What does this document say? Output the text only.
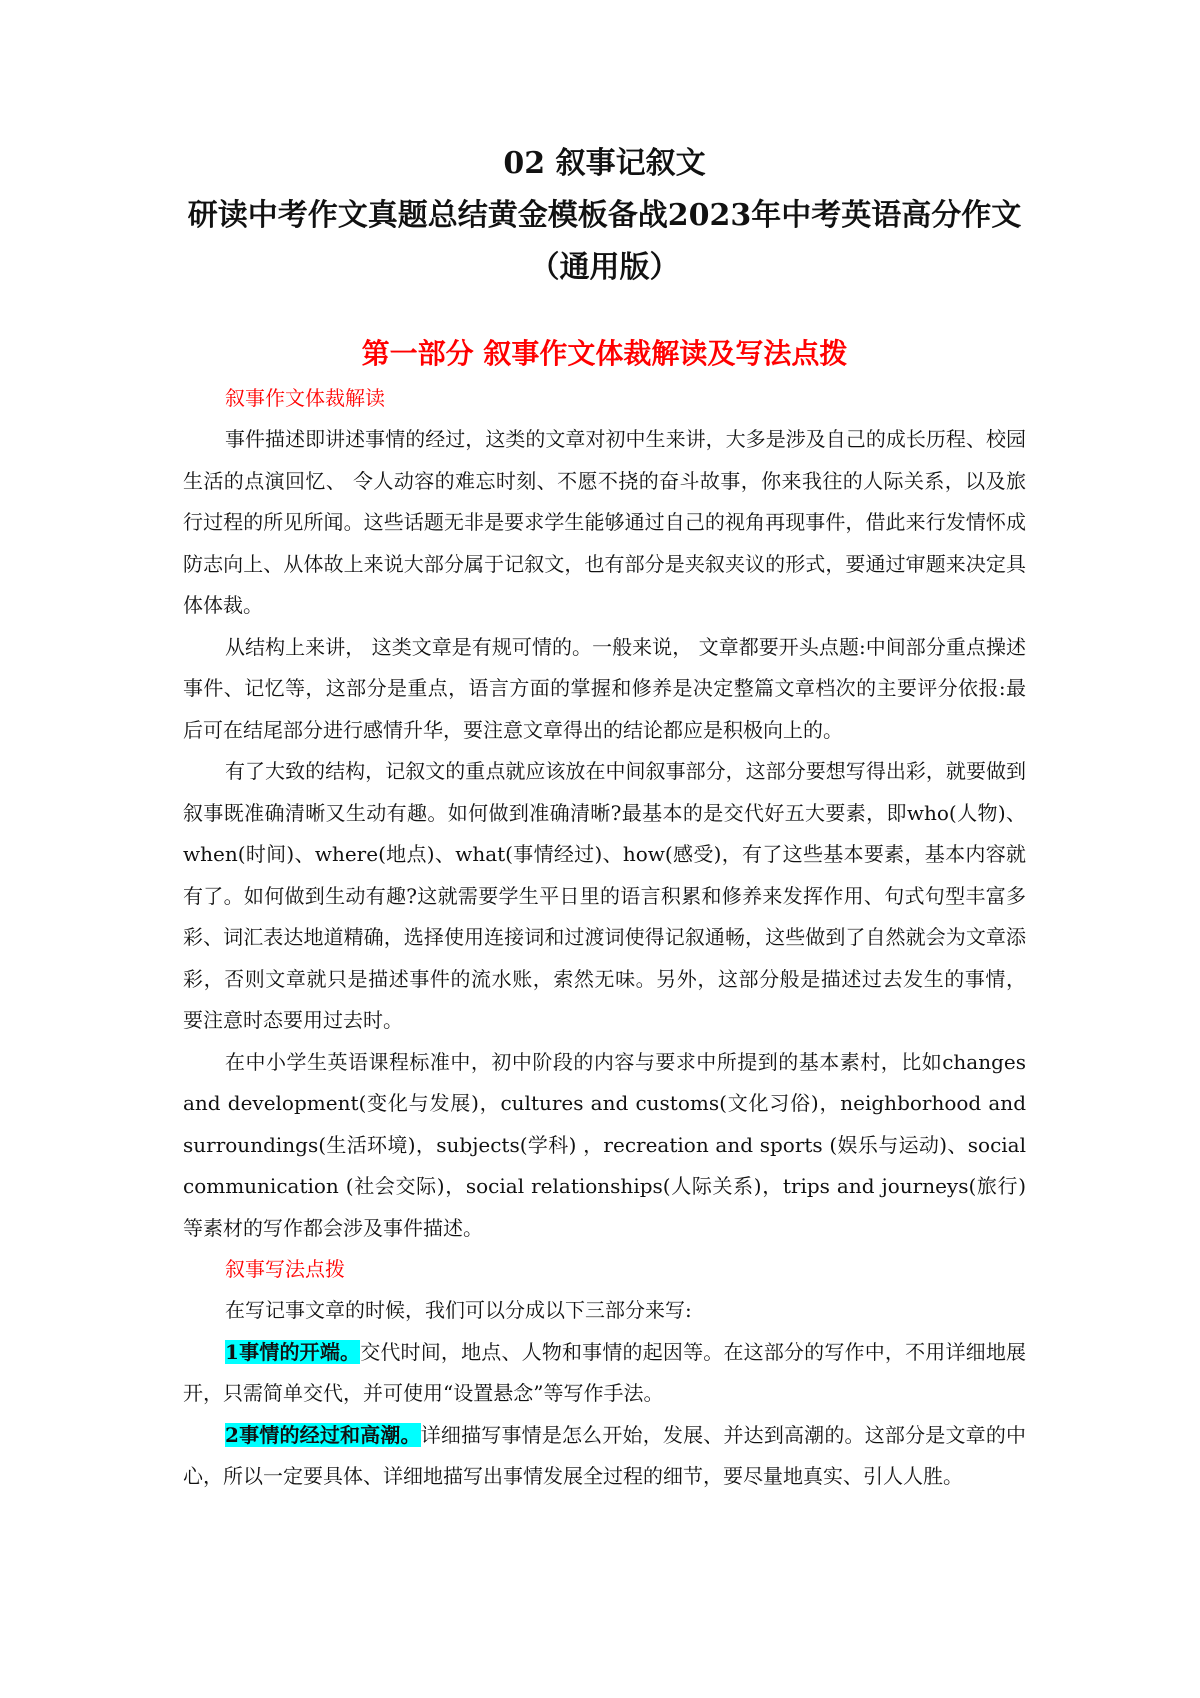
02 叙事记叙文
研读中考作文真题总结黄金模板备战2023年中考英语高分作文
（通用版）
第一部分 叙事作文体裁解读及写法点拨

叙事作文体裁解读

事件描述即讲述事情的经过，这类的文章对初中生来讲，大多是涉及自己的成长历程、校园生活的点演回忆、 令人动容的难忘时刻、不愿不挠的奋斗故事，你来我往的人际关系，以及旅行过程的所见所闻。这些话题无非是要求学生能够通过自己的视角再现事件，借此来行发情怀成防志向上、从体故上来说大部分属于记叙文，也有部分是夹叙夹议的形式，要通过审题来决定具体体裁。

从结构上来讲， 这类文章是有规可情的。一般来说， 文章都要开头点题:中间部分重点操述事件、记忆等，这部分是重点，语言方面的掌握和修养是决定整篇文章档次的主要评分依报:最后可在结尾部分进行感情升华，要注意文章得出的结论都应是积极向上的。

有了大致的结构，记叙文的重点就应该放在中间叙事部分，这部分要想写得出彩，就要做到叙事既准确清晰又生动有趣。如何做到准确清晰?最基本的是交代好五大要素，即who(人物)、when(时间)、where(地点)、what(事情经过)、how(感受)，有了这些基本要素，基本内容就有了。如何做到生动有趣?这就需要学生平日里的语言积累和修养来发挥作用、句式句型丰富多彩、词汇表达地道精确，选择使用连接词和过渡词使得记叙通畅，这些做到了自然就会为文章添彩，否则文章就只是描述事件的流水账，索然无味。另外，这部分般是描述过去发生的事情， 要注意时态要用过去时。

在中小学生英语课程标准中，初中阶段的内容与要求中所提到的基本素村，比如changes and development(变化与发展)，cultures and customs(文化习俗)，neighborhood and surroundings(生活环境)，subjects(学科) ，recreation and sports (娱乐与运动)、social communication (社会交际)，social relationships(人际关系)，trips and journeys(旅行)等素材的写作都会涉及事件描述。

叙事写法点拨

在写记事文章的时候，我们可以分成以下三部分来写:

1事情的开端。交代时间，地点、人物和事情的起因等。在这部分的写作中，不用详细地展开，只需简单交代，并可使用“设置悬念”等写作手法。

2事情的经过和高潮。详细描写事情是怎么开始，发展、并达到高潮的。这部分是文章的中心，所以一定要具体、详细地描写出事情发展全过程的细节，要尽量地真实、引人人胜。
